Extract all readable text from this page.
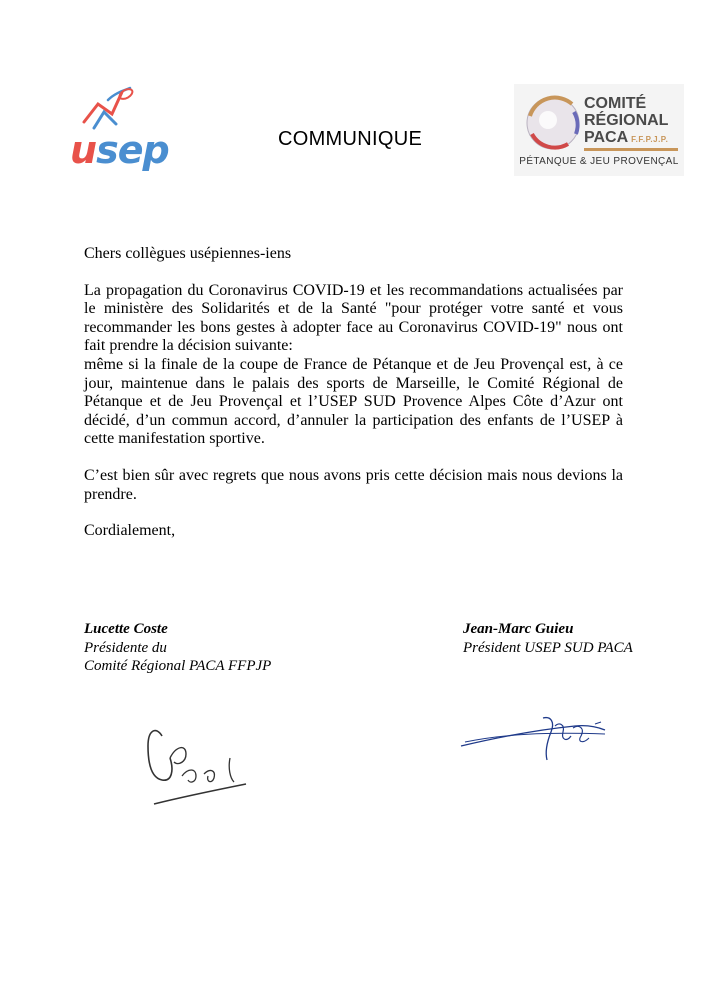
usep	COMMUNIQUE
COMITÉ
RÉGIONAL
PACA F.F.P.J.P.
PÉTANQUE & JEU PROVENÇAL

Chers collègues usépiennes-iens

La propagation du Coronavirus COVID-19 et les recommandations actualisées par le ministère des Solidarités et de la Santé "pour protéger votre santé et vous recommander les bons gestes à adopter face au Coronavirus COVID-19" nous ont fait prendre la décision suivante:

même si la finale de la coupe de France de Pétanque et de Jeu Provençal est, à ce jour, maintenue dans le palais des sports de Marseille, le Comité Régional de Pétanque et de Jeu Provençal et l’USEP SUD Provence Alpes Côte d’Azur ont décidé, d’un commun accord, d’annuler la participation des enfants de l’USEP à cette manifestation sportive.

C’est bien sûr avec regrets que nous avons pris cette décision mais nous devions la prendre.

Cordialement,

Lucette Coste
Présidente du
Comité Régional PACA FFPJP
Jean-Marc Guieu
Président USEP SUD PACA
